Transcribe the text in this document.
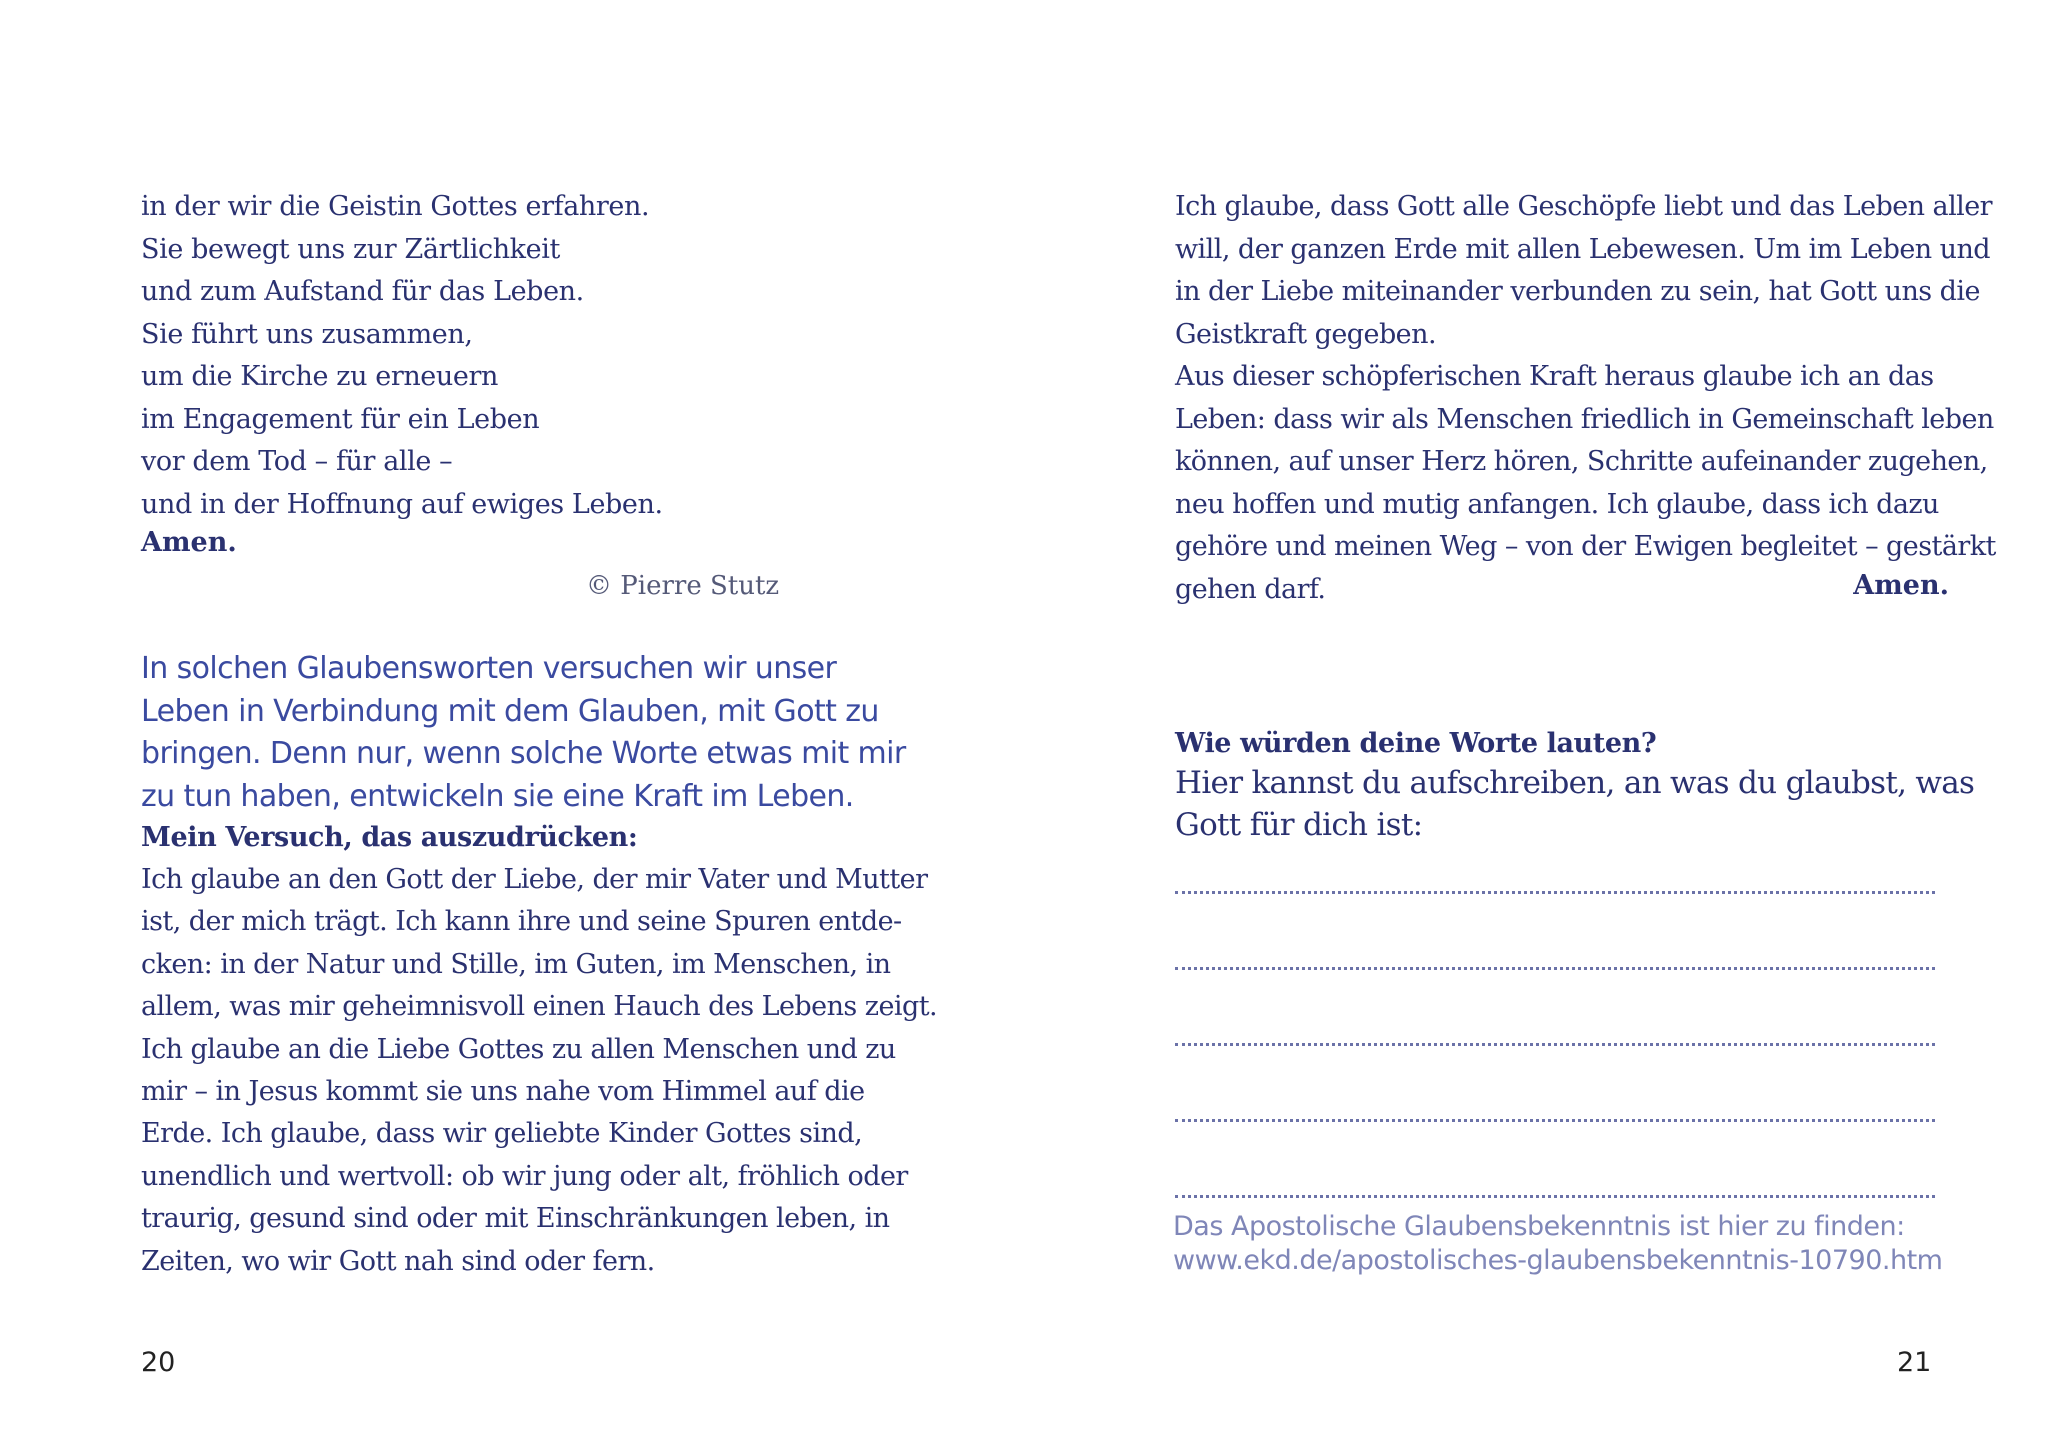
in der wir die Geistin Gottes erfahren.
Sie bewegt uns zur Zärtlichkeit
und zum Aufstand für das Leben.
Sie führt uns zusammen,
um die Kirche zu erneuern
im Engagement für ein Leben
vor dem Tod – für alle –
und in der Hoffnung auf ewiges Leben.
Amen.
© Pierre Stutz
In solchen Glaubensworten versuchen wir unser
Leben in Verbindung mit dem Glauben, mit Gott zu
bringen. Denn nur, wenn solche Worte etwas mit mir
zu tun haben, entwickeln sie eine Kraft im Leben.
Mein Versuch, das auszudrücken:
Ich glaube an den Gott der Liebe, der mir Vater und Mutter
ist, der mich trägt. Ich kann ihre und seine Spuren entde-
cken: in der Natur und Stille, im Guten, im Menschen, in
allem, was mir geheimnisvoll einen Hauch des Lebens zeigt.
Ich glaube an die Liebe Gottes zu allen Menschen und zu
mir – in Jesus kommt sie uns nahe vom Himmel auf die
Erde. Ich glaube, dass wir geliebte Kinder Gottes sind,
unendlich und wertvoll: ob wir jung oder alt, fröhlich oder
traurig, gesund sind oder mit Einschränkungen leben, in
Zeiten, wo wir Gott nah sind oder fern.
20
Ich glaube, dass Gott alle Geschöpfe liebt und das Leben aller
will, der ganzen Erde mit allen Lebewesen. Um im Leben und
in der Liebe miteinander verbunden zu sein, hat Gott uns die
Geistkraft gegeben.
Aus dieser schöpferischen Kraft heraus glaube ich an das
Leben: dass wir als Menschen friedlich in Gemeinschaft leben
können, auf unser Herz hören, Schritte aufeinander zugehen,
neu hoffen und mutig anfangen. Ich glaube, dass ich dazu
gehöre und meinen Weg – von der Ewigen begleitet – gestärkt
gehen darf.	Amen.
Wie würden deine Worte lauten?
Hier kannst du aufschreiben, an was du glaubst, was
Gott für dich ist:
Das Apostolische Glaubensbekenntnis ist hier zu finden:
www.ekd.de/apostolisches-glaubensbekenntnis-10790.htm
21
